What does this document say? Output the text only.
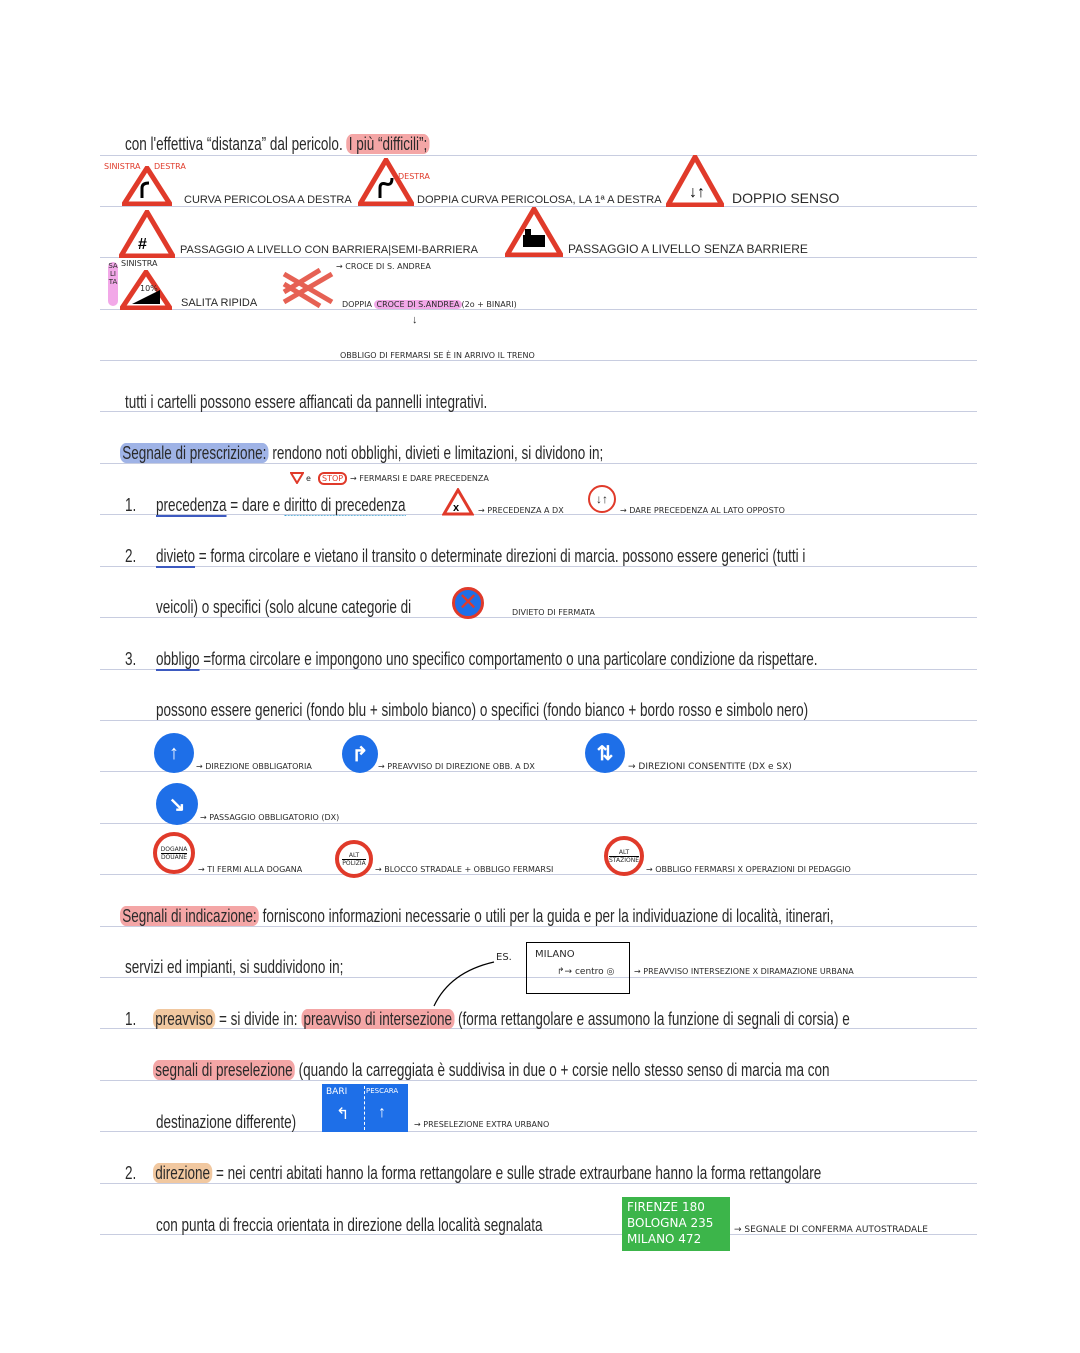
con l'effettiva “distanza” dal pericolo. I più “difficili”;
SINISTRA DESTRA
CURVA PERICOLOSA A DESTRA
DESTRA
DOPPIA CURVA PERICOLOSA, LA 1ª A DESTRA ↓↑ DOPPIO SENSO
#	PASSAGGIO A LIVELLO CON BARRIERA|SEMI-BARRIERA	PASSAGGIO A LIVELLO SENZA BARRIERE
SALITA
SINISTRA
10%
SALITA RIPIDA
→ CROCE DI S. ANDREA
DOPPIA CROCE DI S.ANDREA (2o + BINARI)
↓
OBBLIGO DI FERMARSI SE È IN ARRIVO IL TRENO
tutti i cartelli possono essere affiancati da pannelli integrativi.
Segnale di prescrizione: rendono noti obblighi, divieti e limitazioni, si dividono in;
e	STOP → FERMARSI E DARE PRECEDENZA
1. precedenza = dare e diritto di precedenza	x → PRECEDENZA A DX
↓↑
→ DARE PRECEDENZA AL LATO OPPOSTO
2. divieto = forma circolare e vietano il transito o determinate direzioni di marcia. possono essere generici (tutti i
veicoli) o specifici (solo alcune categorie di ✕	DIVIETO DI FERMATA
3. obbligo =forma circolare e impongono uno specifico comportamento o una particolare condizione da rispettare.
possono essere generici (fondo blu + simbolo bianco) o specifici (fondo bianco + bordo rosso e simbolo nero)
↑
→ DIREZIONE OBBLIGATORIA
↱
→ PREAVVISO DI DIREZIONE OBB. A DX
⇅
→ DIREZIONI CONSENTITE (DX e SX)
↘
→ PASSAGGIO OBBLIGATORIO (DX)
DOGANA
DOUANE
→ TI FERMI ALLA DOGANA
ALT
POLIZIA
→ BLOCCO STRADALE + OBBLIGO FERMARSI
ALT
STAZIONE
→ OBBLIGO FERMARSI X OPERAZIONI DI PEDAGGIO
Segnali di indicazione: forniscono informazioni necessarie o utili per la guida e per la individuazione di località, itinerari,
servizi ed impianti, si suddividono in;	ES. MILANO
↱→ centro ◎ → PREAVVISO INTERSEZIONE X DIRAMAZIONE URBANA
1. preavviso = si divide in: preavviso di intersezione (forma rettangolare e assumono la funzione di segnali di corsia) e
segnali di preselezione (quando la carreggiata è suddivisa in due o + corsie nello stesso senso di marcia ma con
destinazione differente)
BARI	PESCARA
↰ ↑
→ PRESELEZIONE EXTRA URBANO
2. direzione = nei centri abitati hanno la forma rettangolare e sulle strade extraurbane hanno la forma rettangolare
con punta di freccia orientata in direzione della località segnalata
FIRENZE 180
BOLOGNA 235
MILANO 472
→ SEGNALE DI CONFERMA AUTOSTRADALE
